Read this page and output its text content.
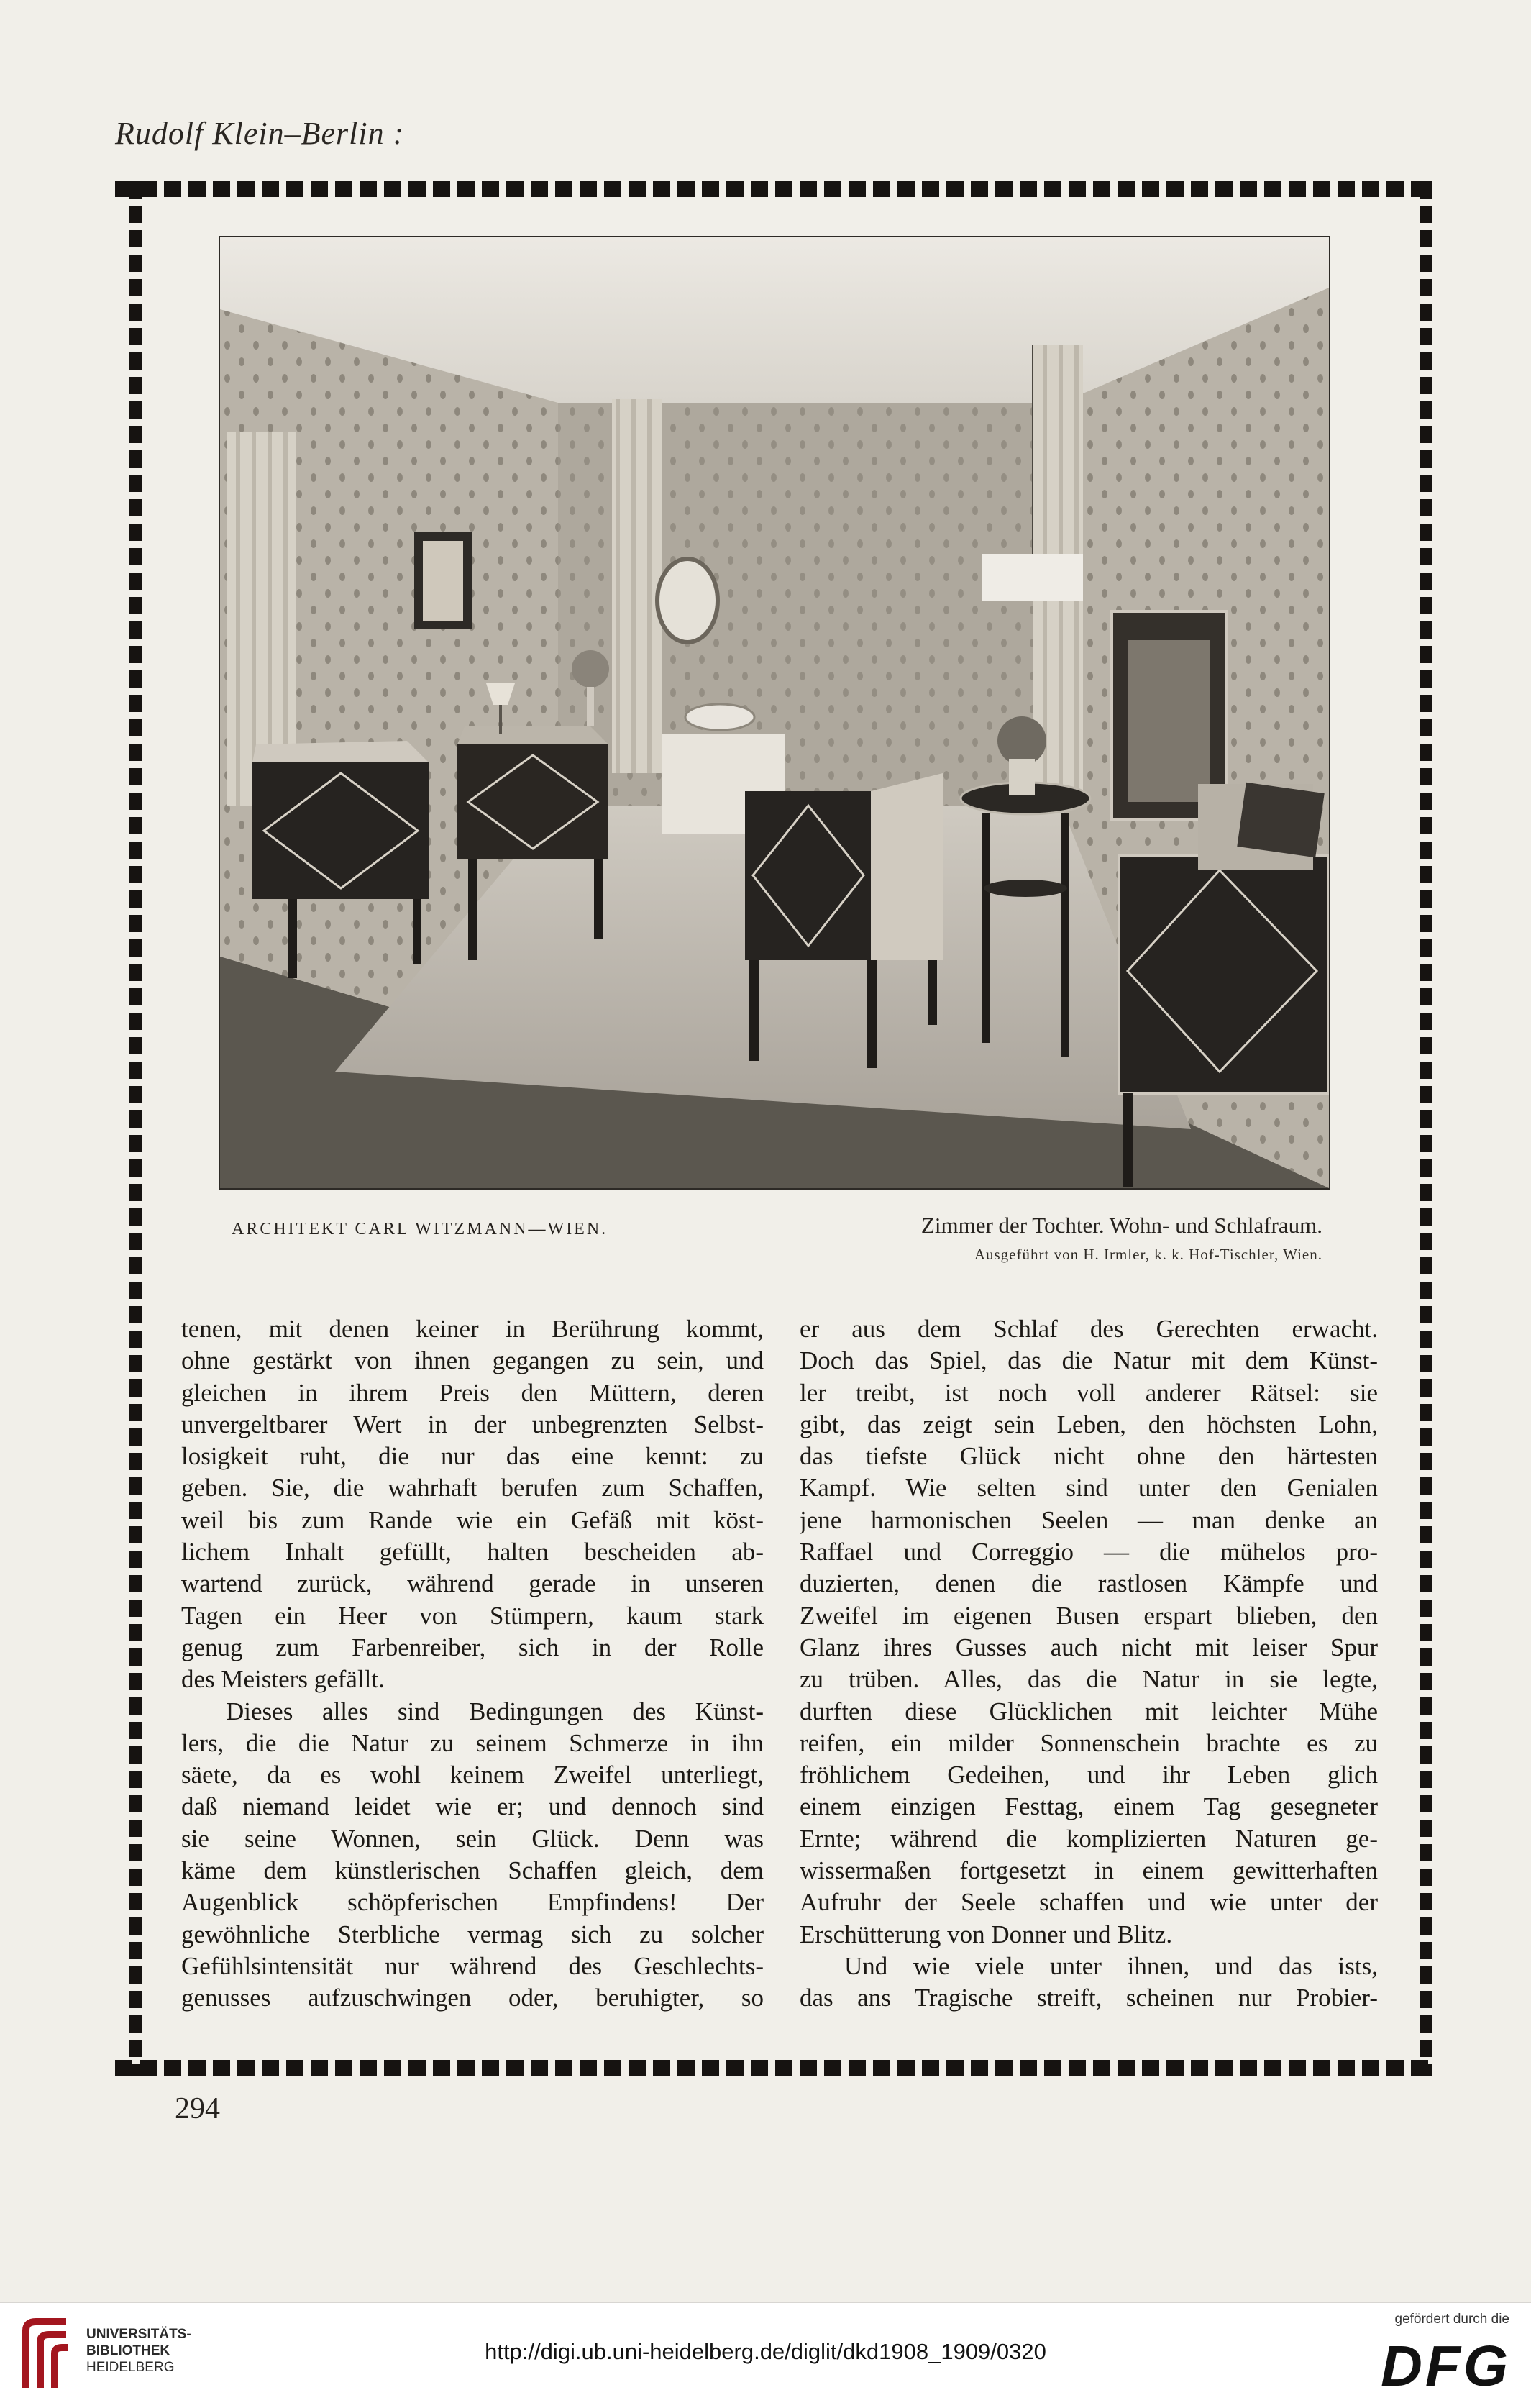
Rudolf Klein–Berlin :
ARCHITEKT CARL WITZMANN—WIEN.	Zimmer der Tochter. Wohn- und Schlafraum.
Ausgeführt von H. Irmler, k. k. Hof-Tischler, Wien.
tenen, mit denen keiner in Berührung kommt,
ohne gestärkt von ihnen gegangen zu sein, und
gleichen in ihrem Preis den Müttern, deren
unvergeltbarer Wert in der unbegrenzten Selbst-
losigkeit ruht, die nur das eine kennt: zu
geben. Sie, die wahrhaft berufen zum Schaffen,
weil bis zum Rande wie ein Gefäß mit köst-
lichem Inhalt gefüllt, halten bescheiden ab-
wartend zurück, während gerade in unseren
Tagen ein Heer von Stümpern, kaum stark
genug zum Farbenreiber, sich in der Rolle
des Meisters gefällt.
Dieses alles sind Bedingungen des Künst-
lers, die die Natur zu seinem Schmerze in ihn
säete, da es wohl keinem Zweifel unterliegt,
daß niemand leidet wie er; und dennoch sind
sie seine Wonnen, sein Glück. Denn was
käme dem künstlerischen Schaffen gleich, dem
Augenblick schöpferischen Empfindens! Der
gewöhnliche Sterbliche vermag sich zu solcher
Gefühlsintensität nur während des Geschlechts-
genusses aufzuschwingen oder, beruhigter, so
er aus dem Schlaf des Gerechten erwacht.
Doch das Spiel, das die Natur mit dem Künst-
ler treibt, ist noch voll anderer Rätsel: sie
gibt, das zeigt sein Leben, den höchsten Lohn,
das tiefste Glück nicht ohne den härtesten
Kampf. Wie selten sind unter den Genialen
jene harmonischen Seelen — man denke an
Raffael und Correggio — die mühelos pro-
duzierten, denen die rastlosen Kämpfe und
Zweifel im eigenen Busen erspart blieben, den
Glanz ihres Gusses auch nicht mit leiser Spur
zu trüben. Alles, das die Natur in sie legte,
durften diese Glücklichen mit leichter Mühe
reifen, ein milder Sonnenschein brachte es zu
fröhlichem Gedeihen, und ihr Leben glich
einem einzigen Festtag, einem Tag gesegneter
Ernte; während die komplizierten Naturen ge-
wissermaßen fortgesetzt in einem gewitterhaften
Aufruhr der Seele schaffen und wie unter der
Erschütterung von Donner und Blitz.
Und wie viele unter ihnen, und das ists,
das ans Tragische streift, scheinen nur Probier-
294
UNIVERSITÄTS-
BIBLIOTHEK
HEIDELBERG
http://digi.ub.uni-heidelberg.de/diglit/dkd1908_1909/0320
gefördert durch die
DFG
